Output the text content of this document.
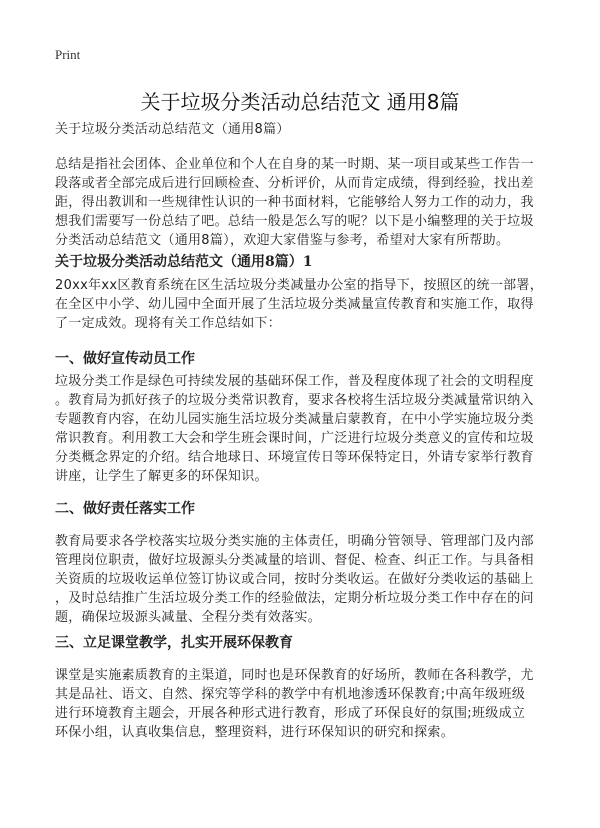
Print
关于垃圾分类活动总结范文 通用8篇
关于垃圾分类活动总结范文（通用8篇）
总结是指社会团体、企业单位和个人在自身的某一时期、某一项目或某些工作告一
段落或者全部完成后进行回顾检查、分析评价，从而肯定成绩，得到经验，找出差
距，得出教训和一些规律性认识的一种书面材料，它能够给人努力工作的动力，我
想我们需要写一份总结了吧。总结一般是怎么写的呢？以下是小编整理的关于垃圾
分类活动总结范文（通用8篇），欢迎大家借鉴与参考，希望对大家有所帮助。
关于垃圾分类活动总结范文（通用8篇）1
20xx年xx区教育系统在区生活垃圾分类减量办公室的指导下，按照区的统一部署，
在全区中小学、幼儿园中全面开展了生活垃圾分类减量宣传教育和实施工作，取得
了一定成效。现将有关工作总结如下：
一、做好宣传动员工作
垃圾分类工作是绿色可持续发展的基础环保工作，普及程度体现了社会的文明程度
。教育局为抓好孩子的垃圾分类常识教育，要求各校将生活垃圾分类减量常识纳入
专题教育内容，在幼儿园实施生活垃圾分类减量启蒙教育，在中小学实施垃圾分类
常识教育。利用教工大会和学生班会课时间，广泛进行垃圾分类意义的宣传和垃圾
分类概念界定的介绍。结合地球日、环境宣传日等环保特定日，外请专家举行教育
讲座，让学生了解更多的环保知识。
二、做好责任落实工作
教育局要求各学校落实垃圾分类实施的主体责任，明确分管领导、管理部门及内部
管理岗位职责，做好垃圾源头分类减量的培训、督促、检查、纠正工作。与具备相
关资质的垃圾收运单位签订协议或合同，按时分类收运。在做好分类收运的基础上
，及时总结推广生活垃圾分类工作的经验做法，定期分析垃圾分类工作中存在的问
题，确保垃圾源头减量、全程分类有效落实。
三、立足课堂教学，扎实开展环保教育
课堂是实施素质教育的主渠道，同时也是环保教育的好场所，教师在各科教学，尤
其是品社、语文、自然、探究等学科的教学中有机地渗透环保教育;中高年级班级
进行环境教育主题会，开展各种形式进行教育，形成了环保良好的氛围;班级成立
环保小组，认真收集信息，整理资料，进行环保知识的研究和探索。
